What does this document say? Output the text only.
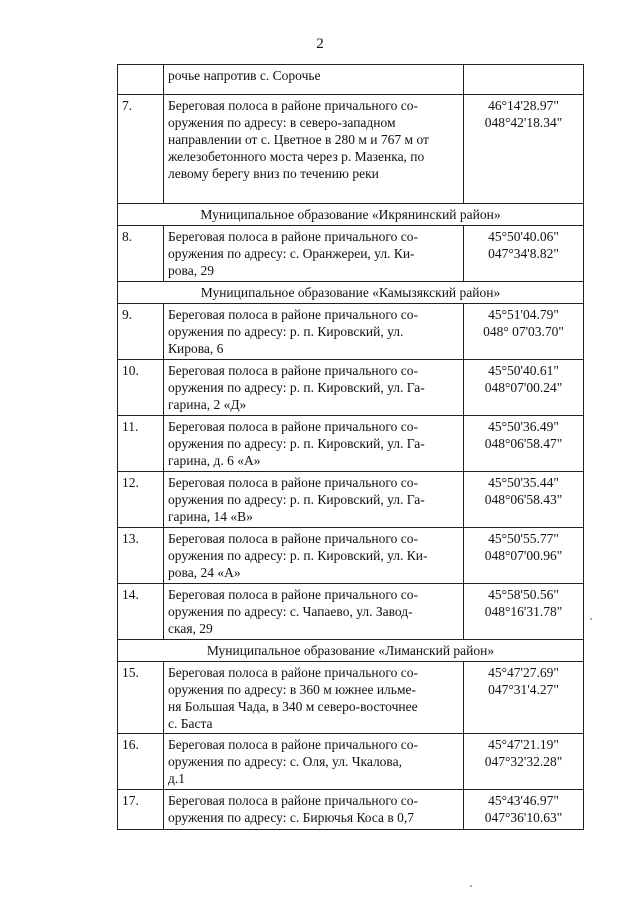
2

	рочье напротив с. Сорочье	

7.	Береговая полоса в районе причального со-
оружения по адресу: в северо-западном
направлении от с. Цветное в 280 м и 767 м от
железобетонного моста через р. Мазенка, по
левому берегу вниз по течению реки	46°14'28.97"
048°42'18.34"

Муниципальное образование «Икрянинский район»		
8.	Береговая полоса в районе причального со-
оружения по адресу: с. Оранжереи, ул. Ки-
рова, 29	45°50'40.06"
047°34'8.82"

Муниципальное образование «Камызякский район»		
9.	Береговая полоса в районе причального со-
оружения по адресу: р. п. Кировский, ул.
Кирова, 6	45°51'04.79"
048° 07'03.70"

10.	Береговая полоса в районе причального со-
оружения по адресу: р. п. Кировский, ул. Га-
гарина, 2 «Д»	45°50'40.61"
048°07'00.24"

11.	Береговая полоса в районе причального со-
оружения по адресу: р. п. Кировский, ул. Га-
гарина, д. 6 «А»	45°50'36.49"
048°06'58.47"

12.	Береговая полоса в районе причального со-
оружения по адресу: р. п. Кировский, ул. Га-
гарина, 14 «В»	45°50'35.44"
048°06'58.43"

13.	Береговая полоса в районе причального со-
оружения по адресу: р. п. Кировский, ул. Ки-
рова, 24 «А»	45°50'55.77"
048°07'00.96"

14.	Береговая полоса в районе причального со-
оружения по адресу: с. Чапаево, ул. Завод-
ская, 29	45°58'50.56"
048°16'31.78"

Муниципальное образование «Лиманский район»		
15.	Береговая полоса в районе причального со-
оружения по адресу: в 360 м южнее ильме-
ня Большая Чада, в 340 м северо-восточнее
с. Баста	45°47'27.69"
047°31'4.27"

16.	Береговая полоса в районе причального со-
оружения по адресу: с. Оля, ул. Чкалова,
д.1	45°47'21.19"
047°32'32.28"

17.	Береговая полоса в районе причального со-
оружения по адресу: с. Бирючья Коса в 0,7	45°43'46.97"
047°36'10.63"
